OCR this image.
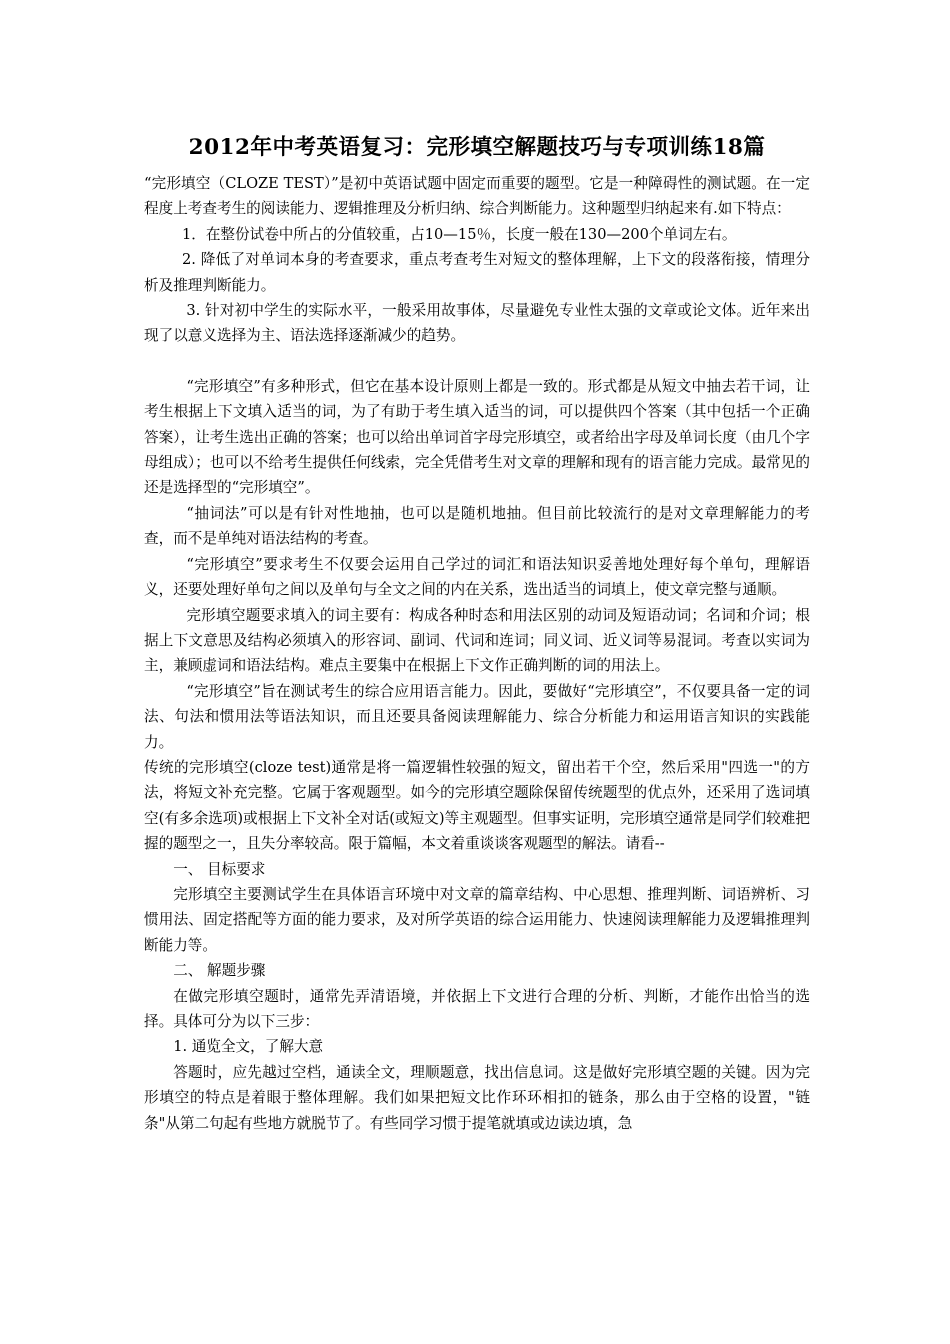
2012年中考英语复习：完形填空解题技巧与专项训练18篇

“完形填空（CLOZE TEST）”是初中英语试题中固定而重要的题型。它是一种障碍性的测试题。在一定程度上考查考生的阅读能力、逻辑推理及分析归纳、综合判断能力。这种题型归纳起来有.如下特点：

1．在整份试卷中所占的分值较重，占10—15％，长度一般在130—200个单词左右。

2. 降低了对单词本身的考查要求，重点考查考生对短文的整体理解，上下文的段落衔接，情理分析及推理判断能力。

3. 针对初中学生的实际水平，一般采用故事体，尽量避免专业性太强的文章或论文体。近年来出现了以意义选择为主、语法选择逐渐减少的趋势。

“完形填空”有多种形式，但它在基本设计原则上都是一致的。形式都是从短文中抽去若干词，让考生根据上下文填入适当的词，为了有助于考生填入适当的词，可以提供四个答案（其中包括一个正确答案），让考生选出正确的答案；也可以给出单词首字母完形填空，或者给出字母及单词长度（由几个字母组成）；也可以不给考生提供任何线索，完全凭借考生对文章的理解和现有的语言能力完成。最常见的还是选择型的“完形填空”。

“抽词法”可以是有针对性地抽，也可以是随机地抽。但目前比较流行的是对文章理解能力的考查，而不是单纯对语法结构的考查。

“完形填空”要求考生不仅要会运用自己学过的词汇和语法知识妥善地处理好每个单句，理解语义，还要处理好单句之间以及单句与全文之间的内在关系，选出适当的词填上，使文章完整与通顺。

完形填空题要求填入的词主要有：构成各种时态和用法区别的动词及短语动词；名词和介词；根据上下文意思及结构必须填入的形容词、副词、代词和连词；同义词、近义词等易混词。考查以实词为主，兼顾虚词和语法结构。难点主要集中在根据上下文作正确判断的词的用法上。

“完形填空”旨在测试考生的综合应用语言能力。因此，要做好“完形填空”，不仅要具备一定的词法、句法和惯用法等语法知识，而且还要具备阅读理解能力、综合分析能力和运用语言知识的实践能力。

传统的完形填空(cloze test)通常是将一篇逻辑性较强的短文，留出若干个空，然后采用"四选一"的方法，将短文补充完整。它属于客观题型。如今的完形填空题除保留传统题型的优点外，还采用了选词填空(有多余选项)或根据上下文补全对话(或短文)等主观题型。但事实证明，完形填空通常是同学们较难把握的题型之一，且失分率较高。限于篇幅，本文着重谈谈客观题型的解法。请看--

一、 目标要求

完形填空主要测试学生在具体语言环境中对文章的篇章结构、中心思想、推理判断、词语辨析、习惯用法、固定搭配等方面的能力要求，及对所学英语的综合运用能力、快速阅读理解能力及逻辑推理判断能力等。

二、 解题步骤

在做完形填空题时，通常先弄清语境，并依据上下文进行合理的分析、判断，才能作出恰当的选择。具体可分为以下三步：

1. 通览全文，了解大意

答题时，应先越过空档，通读全文，理顺题意，找出信息词。这是做好完形填空题的关键。因为完形填空的特点是着眼于整体理解。我们如果把短文比作环环相扣的链条，那么由于空格的设置，"链条"从第二句起有些地方就脱节了。有些同学习惯于提笔就填或边读边填，急
